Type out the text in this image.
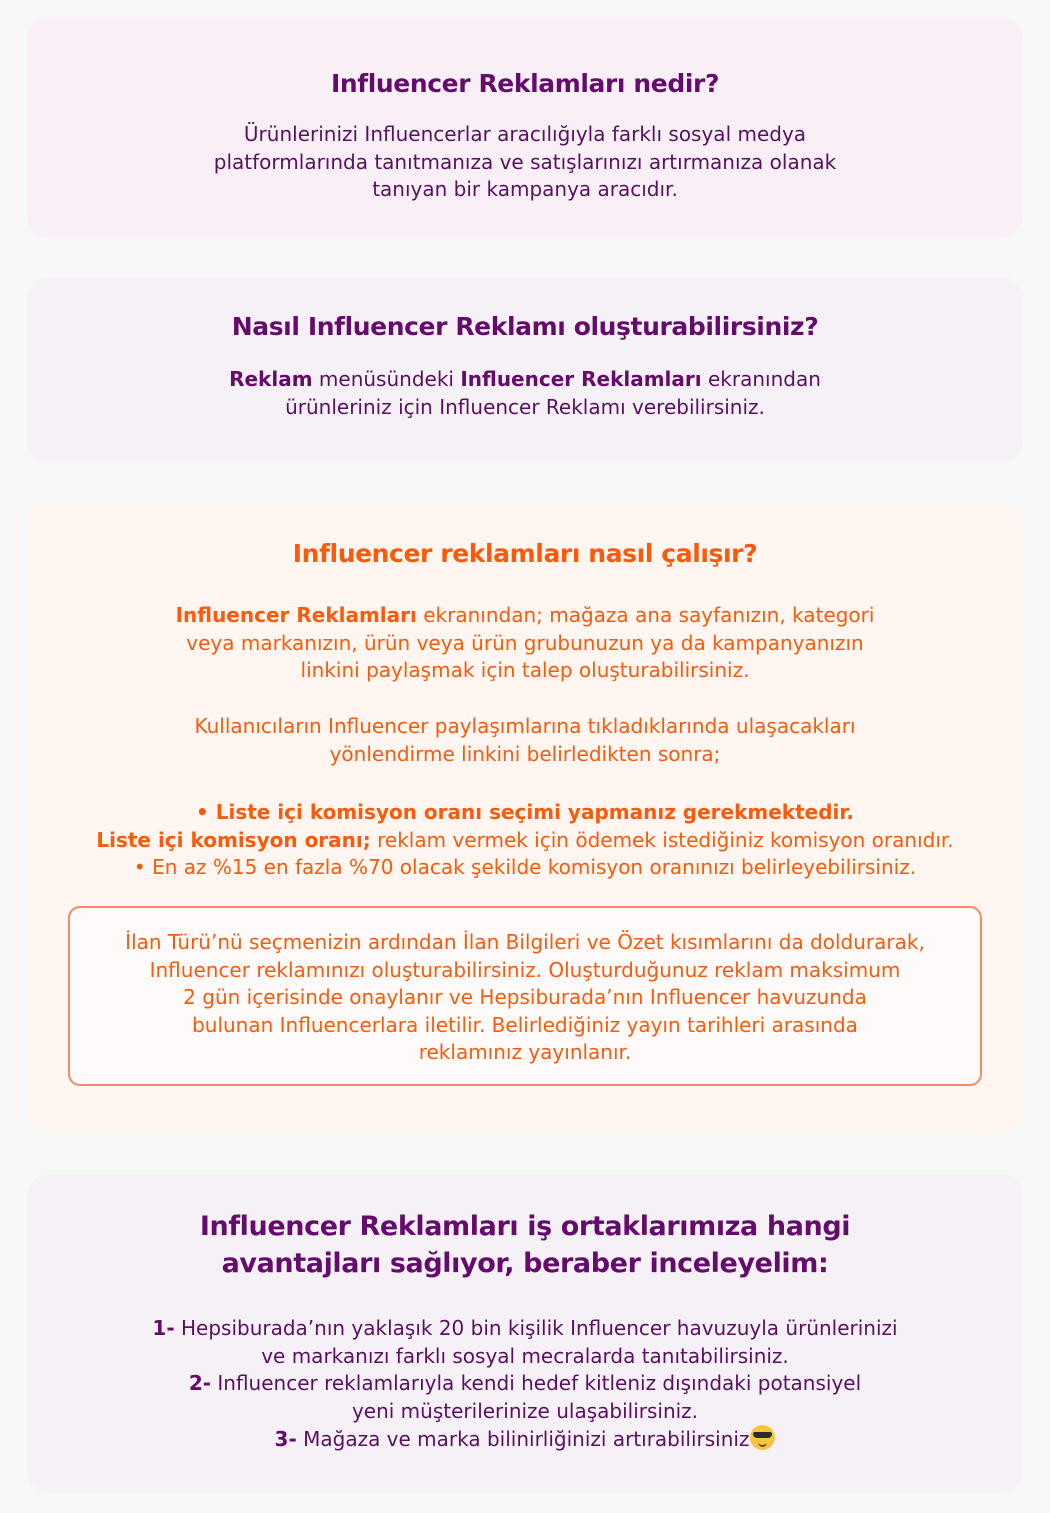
Influencer Reklamları nedir?
Ürünlerinizi Influencerlar aracılığıyla farklı sosyal medya
platformlarında tanıtmanıza ve satışlarınızı artırmanıza olanak
tanıyan bir kampanya aracıdır.
Nasıl Influencer Reklamı oluşturabilirsiniz?
Reklam menüsündeki Influencer Reklamları ekranından
ürünleriniz için Influencer Reklamı verebilirsiniz.
Influencer reklamları nasıl çalışır?
Influencer Reklamları ekranından; mağaza ana sayfanızın, kategori
veya markanızın, ürün veya ürün grubunuzun ya da kampanyanızın
linkini paylaşmak için talep oluşturabilirsiniz.
Kullanıcıların Influencer paylaşımlarına tıkladıklarında ulaşacakları
yönlendirme linkini belirledikten sonra;
• Liste içi komisyon oranı seçimi yapmanız gerekmektedir.
Liste içi komisyon oranı; reklam vermek için ödemek istediğiniz komisyon oranıdır.
• En az %15 en fazla %70 olacak şekilde komisyon oranınızı belirleyebilirsiniz.
İlan Türü’nü seçmenizin ardından İlan Bilgileri ve Özet kısımlarını da doldurarak,
Influencer reklamınızı oluşturabilirsiniz. Oluşturduğunuz reklam maksimum
2 gün içerisinde onaylanır ve Hepsiburada’nın Influencer havuzunda
bulunan Influencerlara iletilir. Belirlediğiniz yayın tarihleri arasında
reklamınız yayınlanır.
Influencer Reklamları iş ortaklarımıza hangi
avantajları sağlıyor, beraber inceleyelim:
1- Hepsiburada’nın yaklaşık 20 bin kişilik Influencer havuzuyla ürünlerinizi
ve markanızı farklı sosyal mecralarda tanıtabilirsiniz.
2- Influencer reklamlarıyla kendi hedef kitleniz dışındaki potansiyel
yeni müşterilerinize ulaşabilirsiniz.
3- Mağaza ve marka bilinirliğinizi artırabilirsiniz
